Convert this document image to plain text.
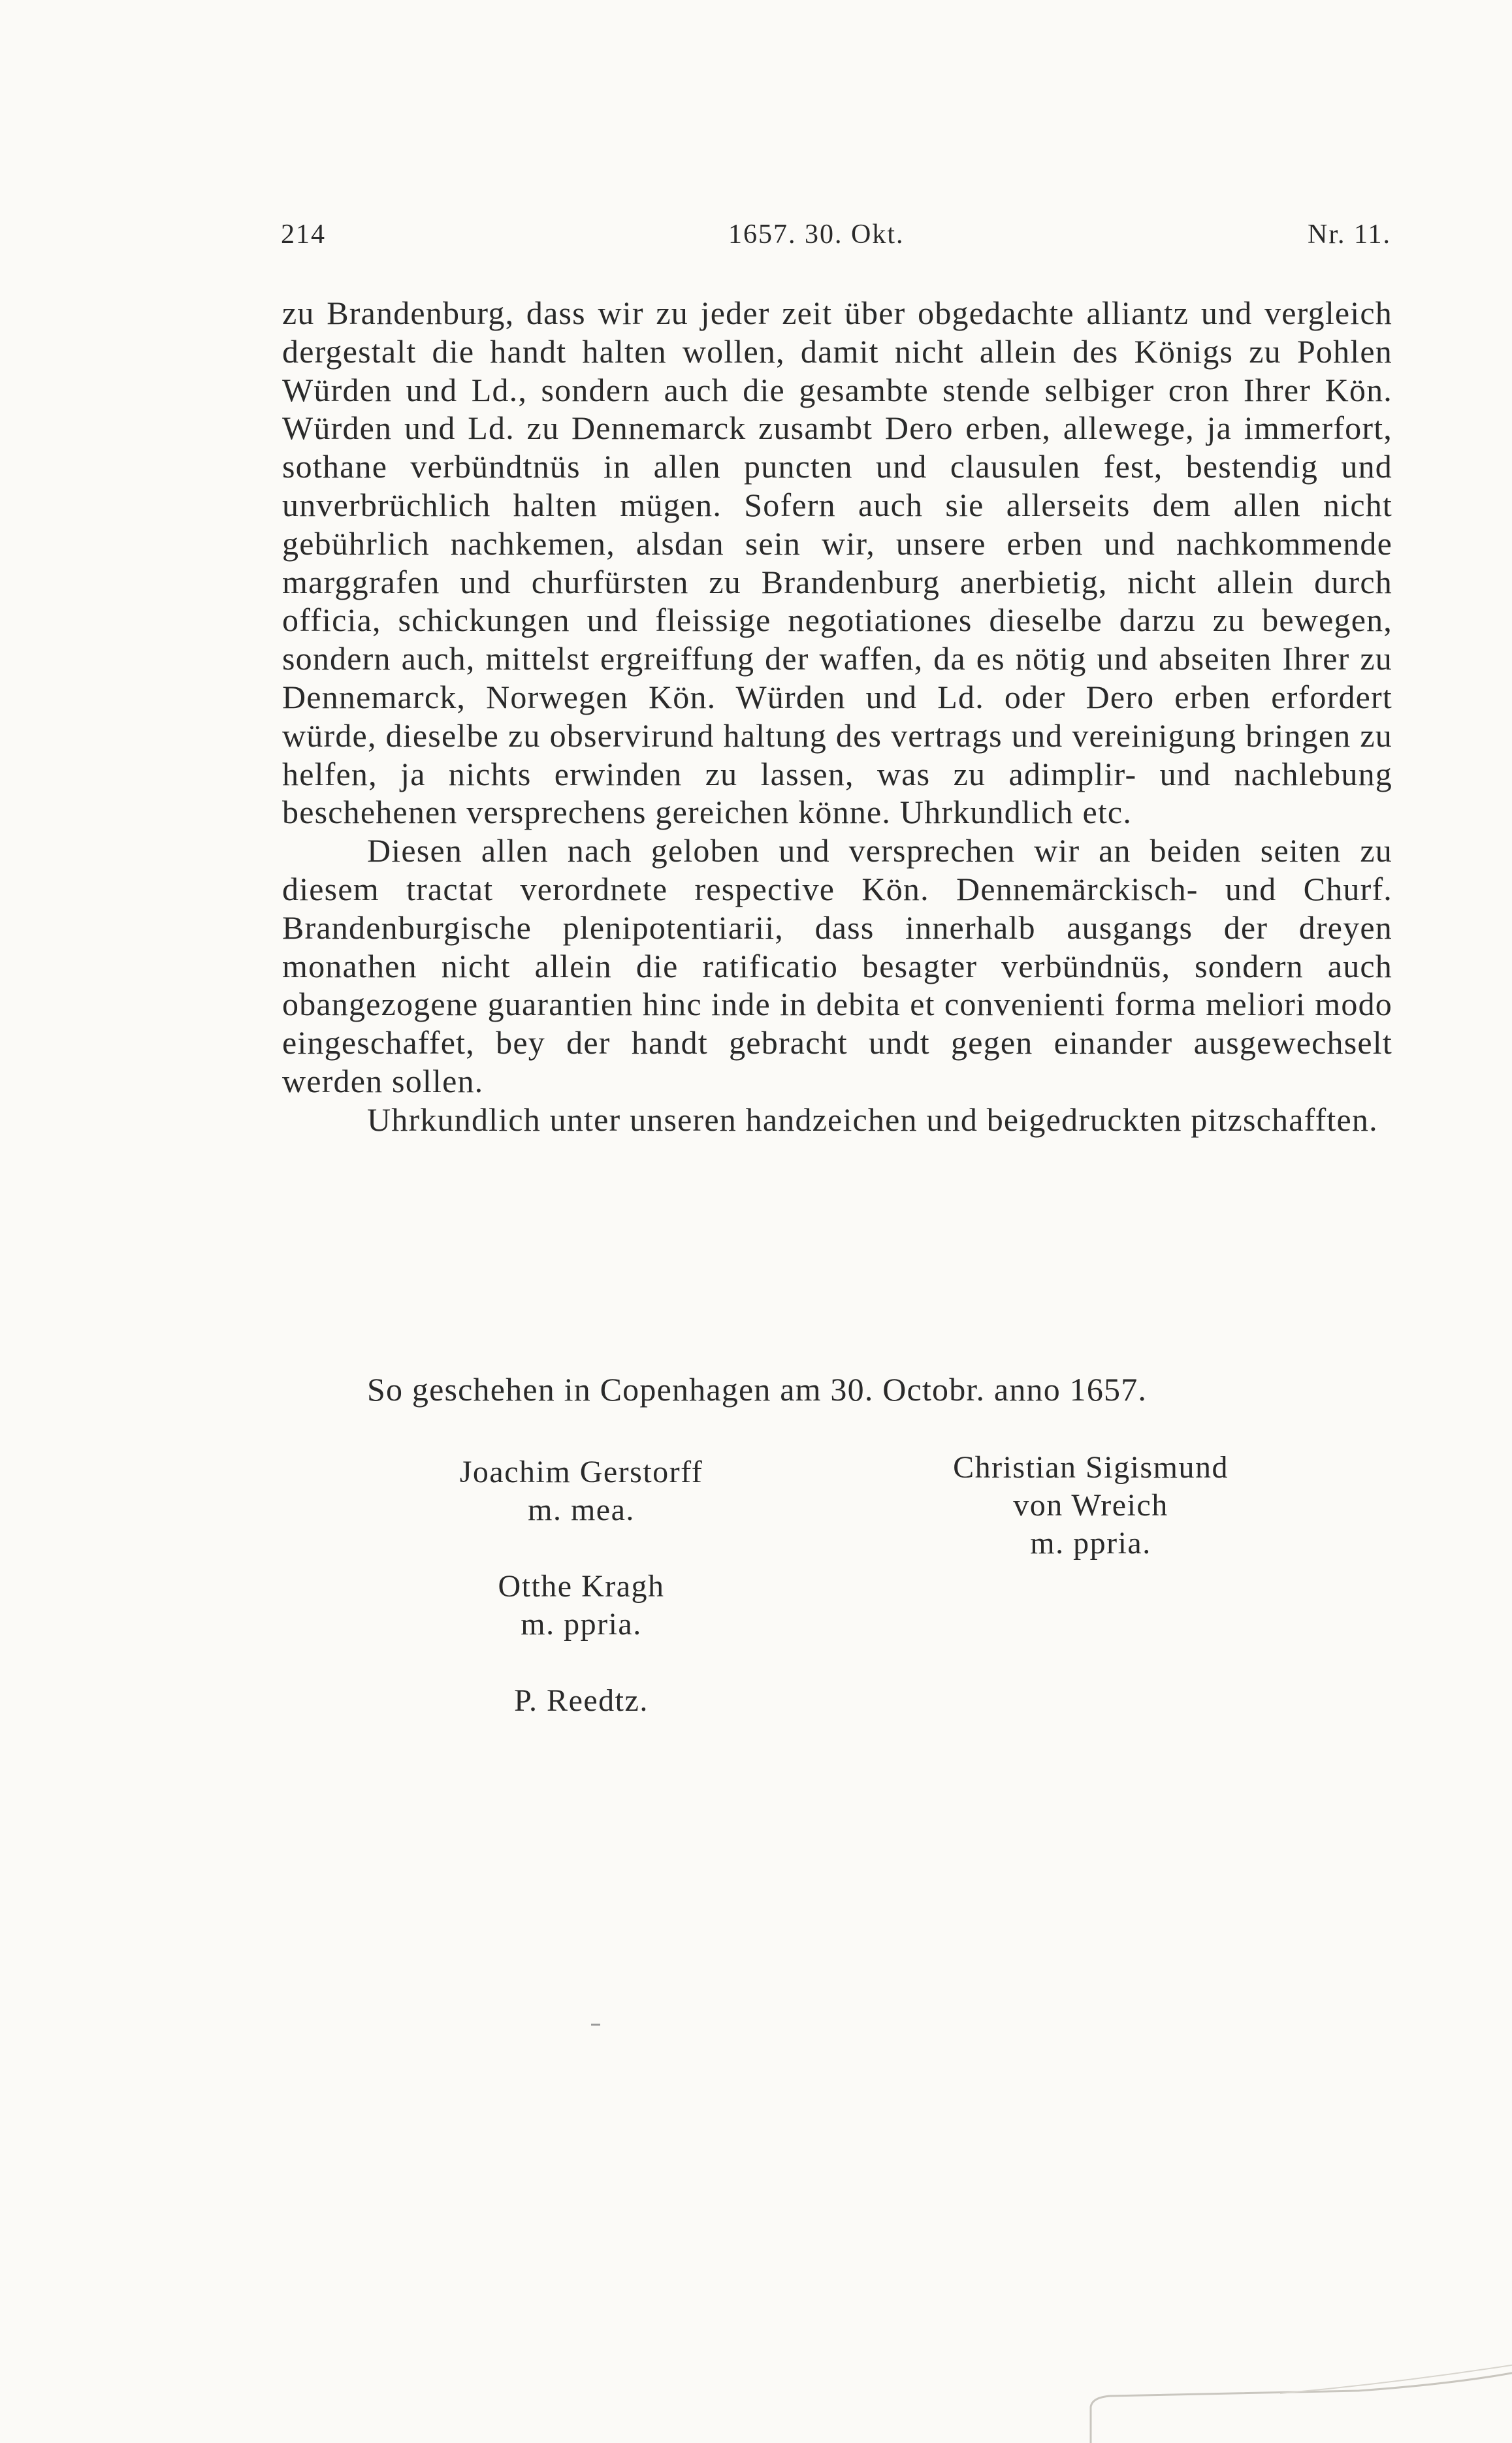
214	1657. 30. Okt.	Nr. 11.

zu Brandenburg, dass wir zu jeder zeit über obgedachte alliantz und vergleich dergestalt die handt halten wollen, damit nicht allein des Königs zu Pohlen Würden und Ld., sondern auch die gesambte stende selbiger cron Ihrer Kön. Würden und Ld. zu Dennemarck zusambt Dero erben, allewege, ja immerfort, sothane verbündtnüs in allen puncten und clausulen fest, bestendig und unverbrüchlich halten mügen. Sofern auch sie allerseits dem allen nicht gebührlich nachkemen, alsdan sein wir, unsere erben und nachkommende marggrafen und churfürsten zu Brandenburg anerbietig, nicht allein durch officia, schickungen und fleissige negotiationes dieselbe darzu zu bewegen, sondern auch, mittelst ergreiffung der waffen, da es nötig und abseiten Ihrer zu Dennemarck, Norwegen Kön. Würden und Ld. oder Dero erben erfordert würde, dieselbe zu observirund haltung des vertrags und vereinigung bringen zu helfen, ja nichts erwinden zu lassen, was zu adimplir- und nachlebung beschehenen versprechens gereichen könne. Uhrkundlich etc.

Diesen allen nach geloben und versprechen wir an beiden seiten zu diesem tractat verordnete respective Kön. Dennemärckisch- und Churf. Brandenburgische plenipotentiarii, dass innerhalb ausgangs der dreyen monathen nicht allein die ratificatio besagter verbündnüs, sondern auch obangezogene guarantien hinc inde in debita et convenienti forma meliori modo eingeschaffet, bey der handt gebracht undt gegen einander ausgewechselt werden sollen.

Uhrkundlich unter unseren handzeichen und beigedruckten pitzschafften.

So geschehen in Copenhagen am 30. Octobr. anno 1657.
Joachim Gerstorff
m. mea.
Otthe Kragh
m. ppria.
P. Reedtz.
Christian Sigismund
von Wreich
m. ppria.
